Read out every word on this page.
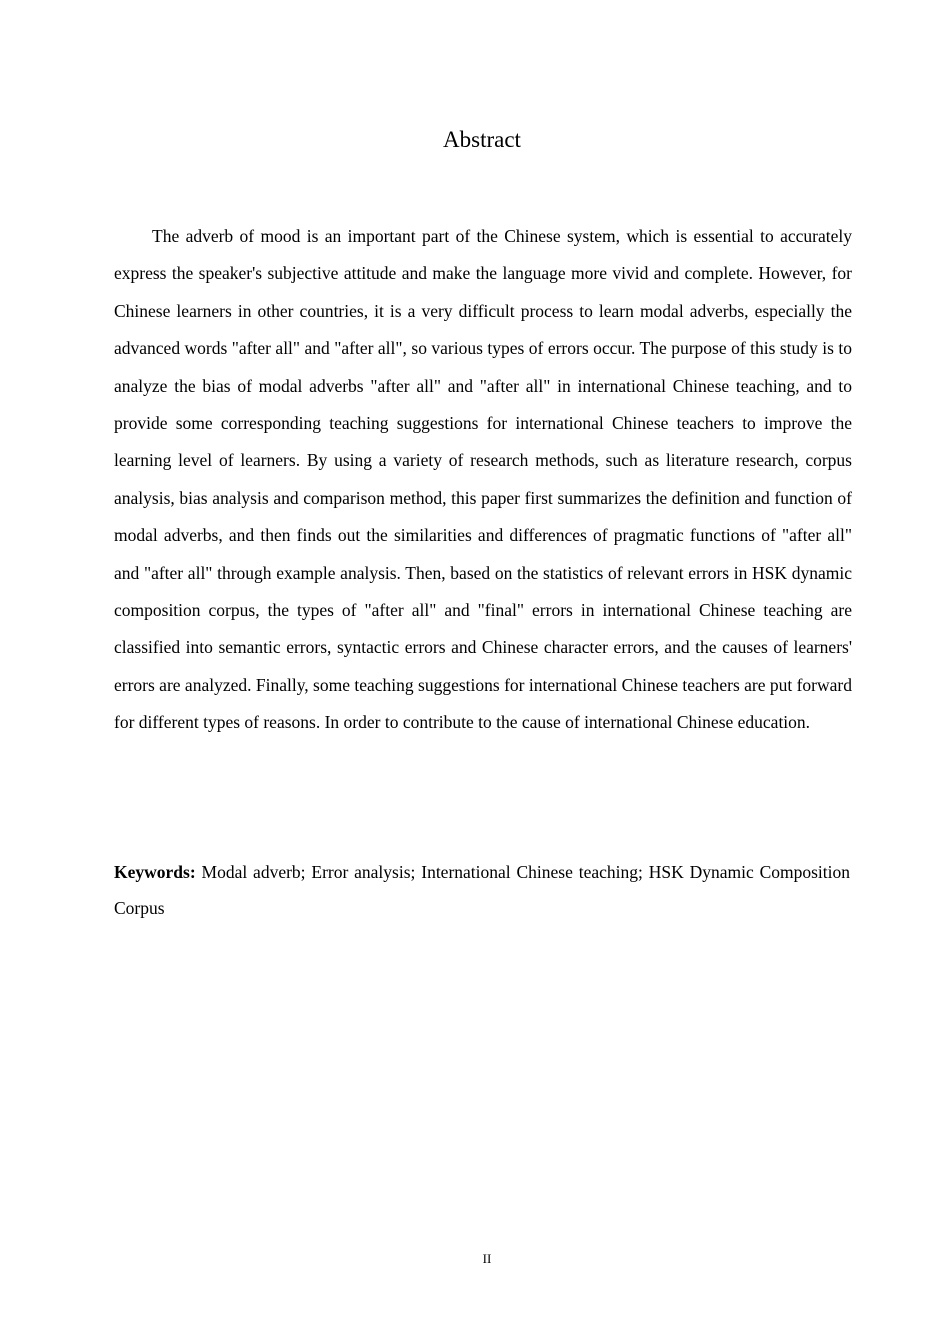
Abstract

The adverb of mood is an important part of the Chinese system, which is essential to accurately express the speaker's subjective attitude and make the language more vivid and complete. However, for Chinese learners in other countries, it is a very difficult process to learn modal adverbs, especially the advanced words "after all" and "after all", so various types of errors occur. The purpose of this study is to analyze the bias of modal adverbs "after all" and "after all" in international Chinese teaching, and to provide some corresponding teaching suggestions for international Chinese teachers to improve the learning level of learners. By using a variety of research methods, such as literature research, corpus analysis, bias analysis and comparison method, this paper first summarizes the definition and function of modal adverbs, and then finds out the similarities and differences of pragmatic functions of "after all" and "after all" through example analysis. Then, based on the statistics of relevant errors in HSK dynamic composition corpus, the types of "after all" and "final" errors in international Chinese teaching are classified into semantic errors, syntactic errors and Chinese character errors, and the causes of learners' errors are analyzed. Finally, some teaching suggestions for international Chinese teachers are put forward for different types of reasons. In order to contribute to the cause of international Chinese education.

Keywords: Modal adverb; Error analysis; International Chinese teaching; HSK Dynamic Composition Corpus

II
